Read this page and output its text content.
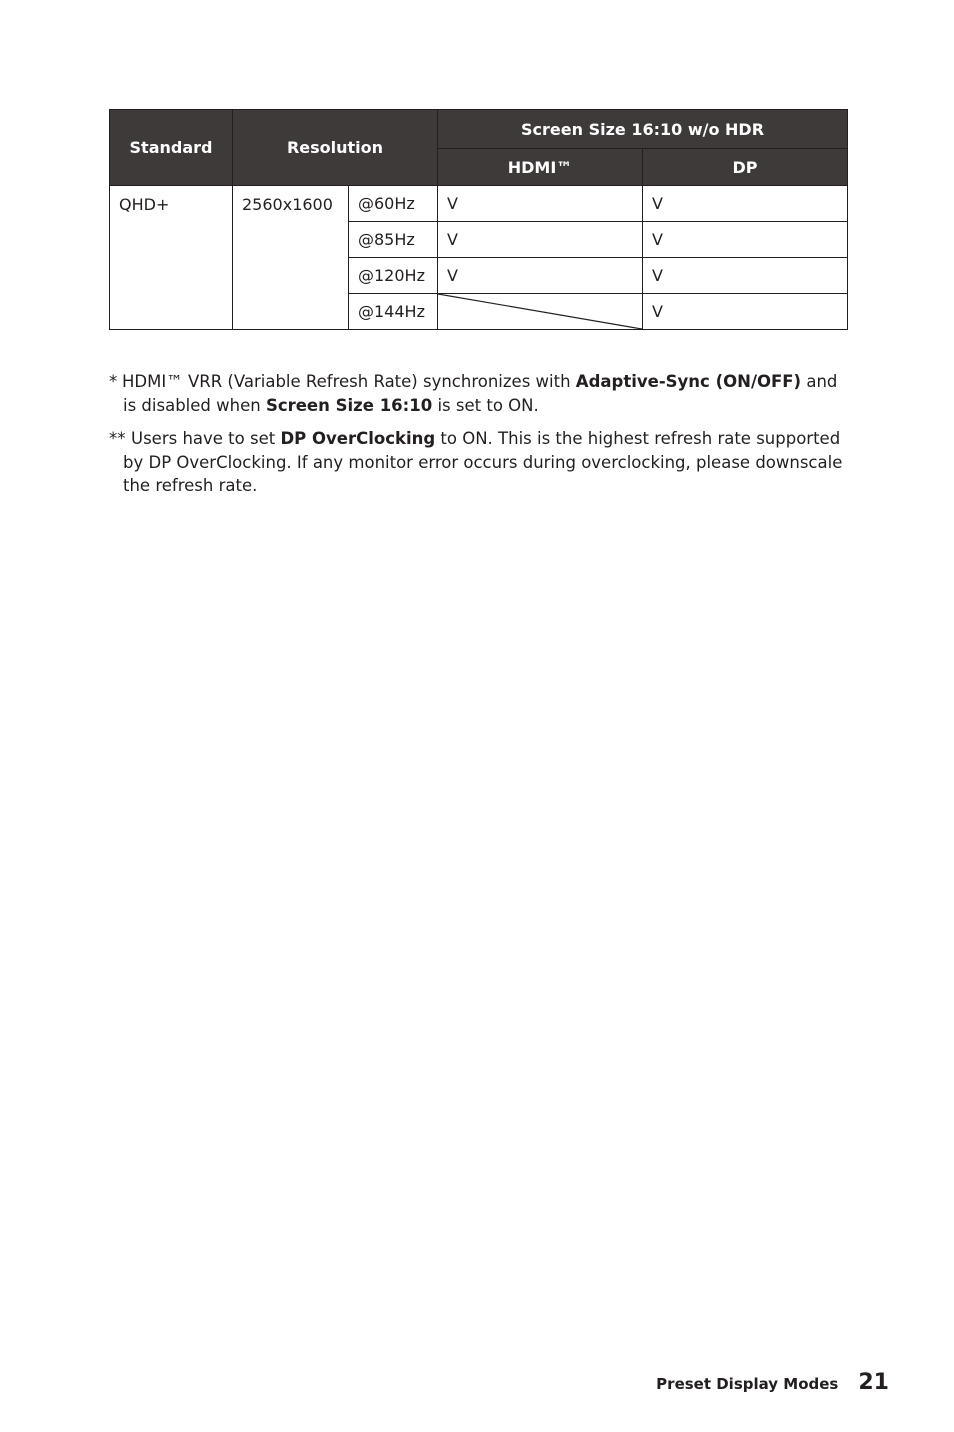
Standard	Resolution		Screen Size 16:10 w/o HDR	
			HDMI™	DP
QHD+	2560x1600	@60Hz	V	V
		@85Hz	V	V
		@120Hz	V	V
		@144Hz		V
* HDMI™ VRR (Variable Refresh Rate) synchronizes with Adaptive-Sync (ON/OFF) and is disabled when Screen Size 16:10 is set to ON.
** Users have to set DP OverClocking to ON. This is the highest refresh rate supported by DP OverClocking. If any monitor error occurs during overclocking, please downscale the refresh rate.
Preset Display Modes 21
